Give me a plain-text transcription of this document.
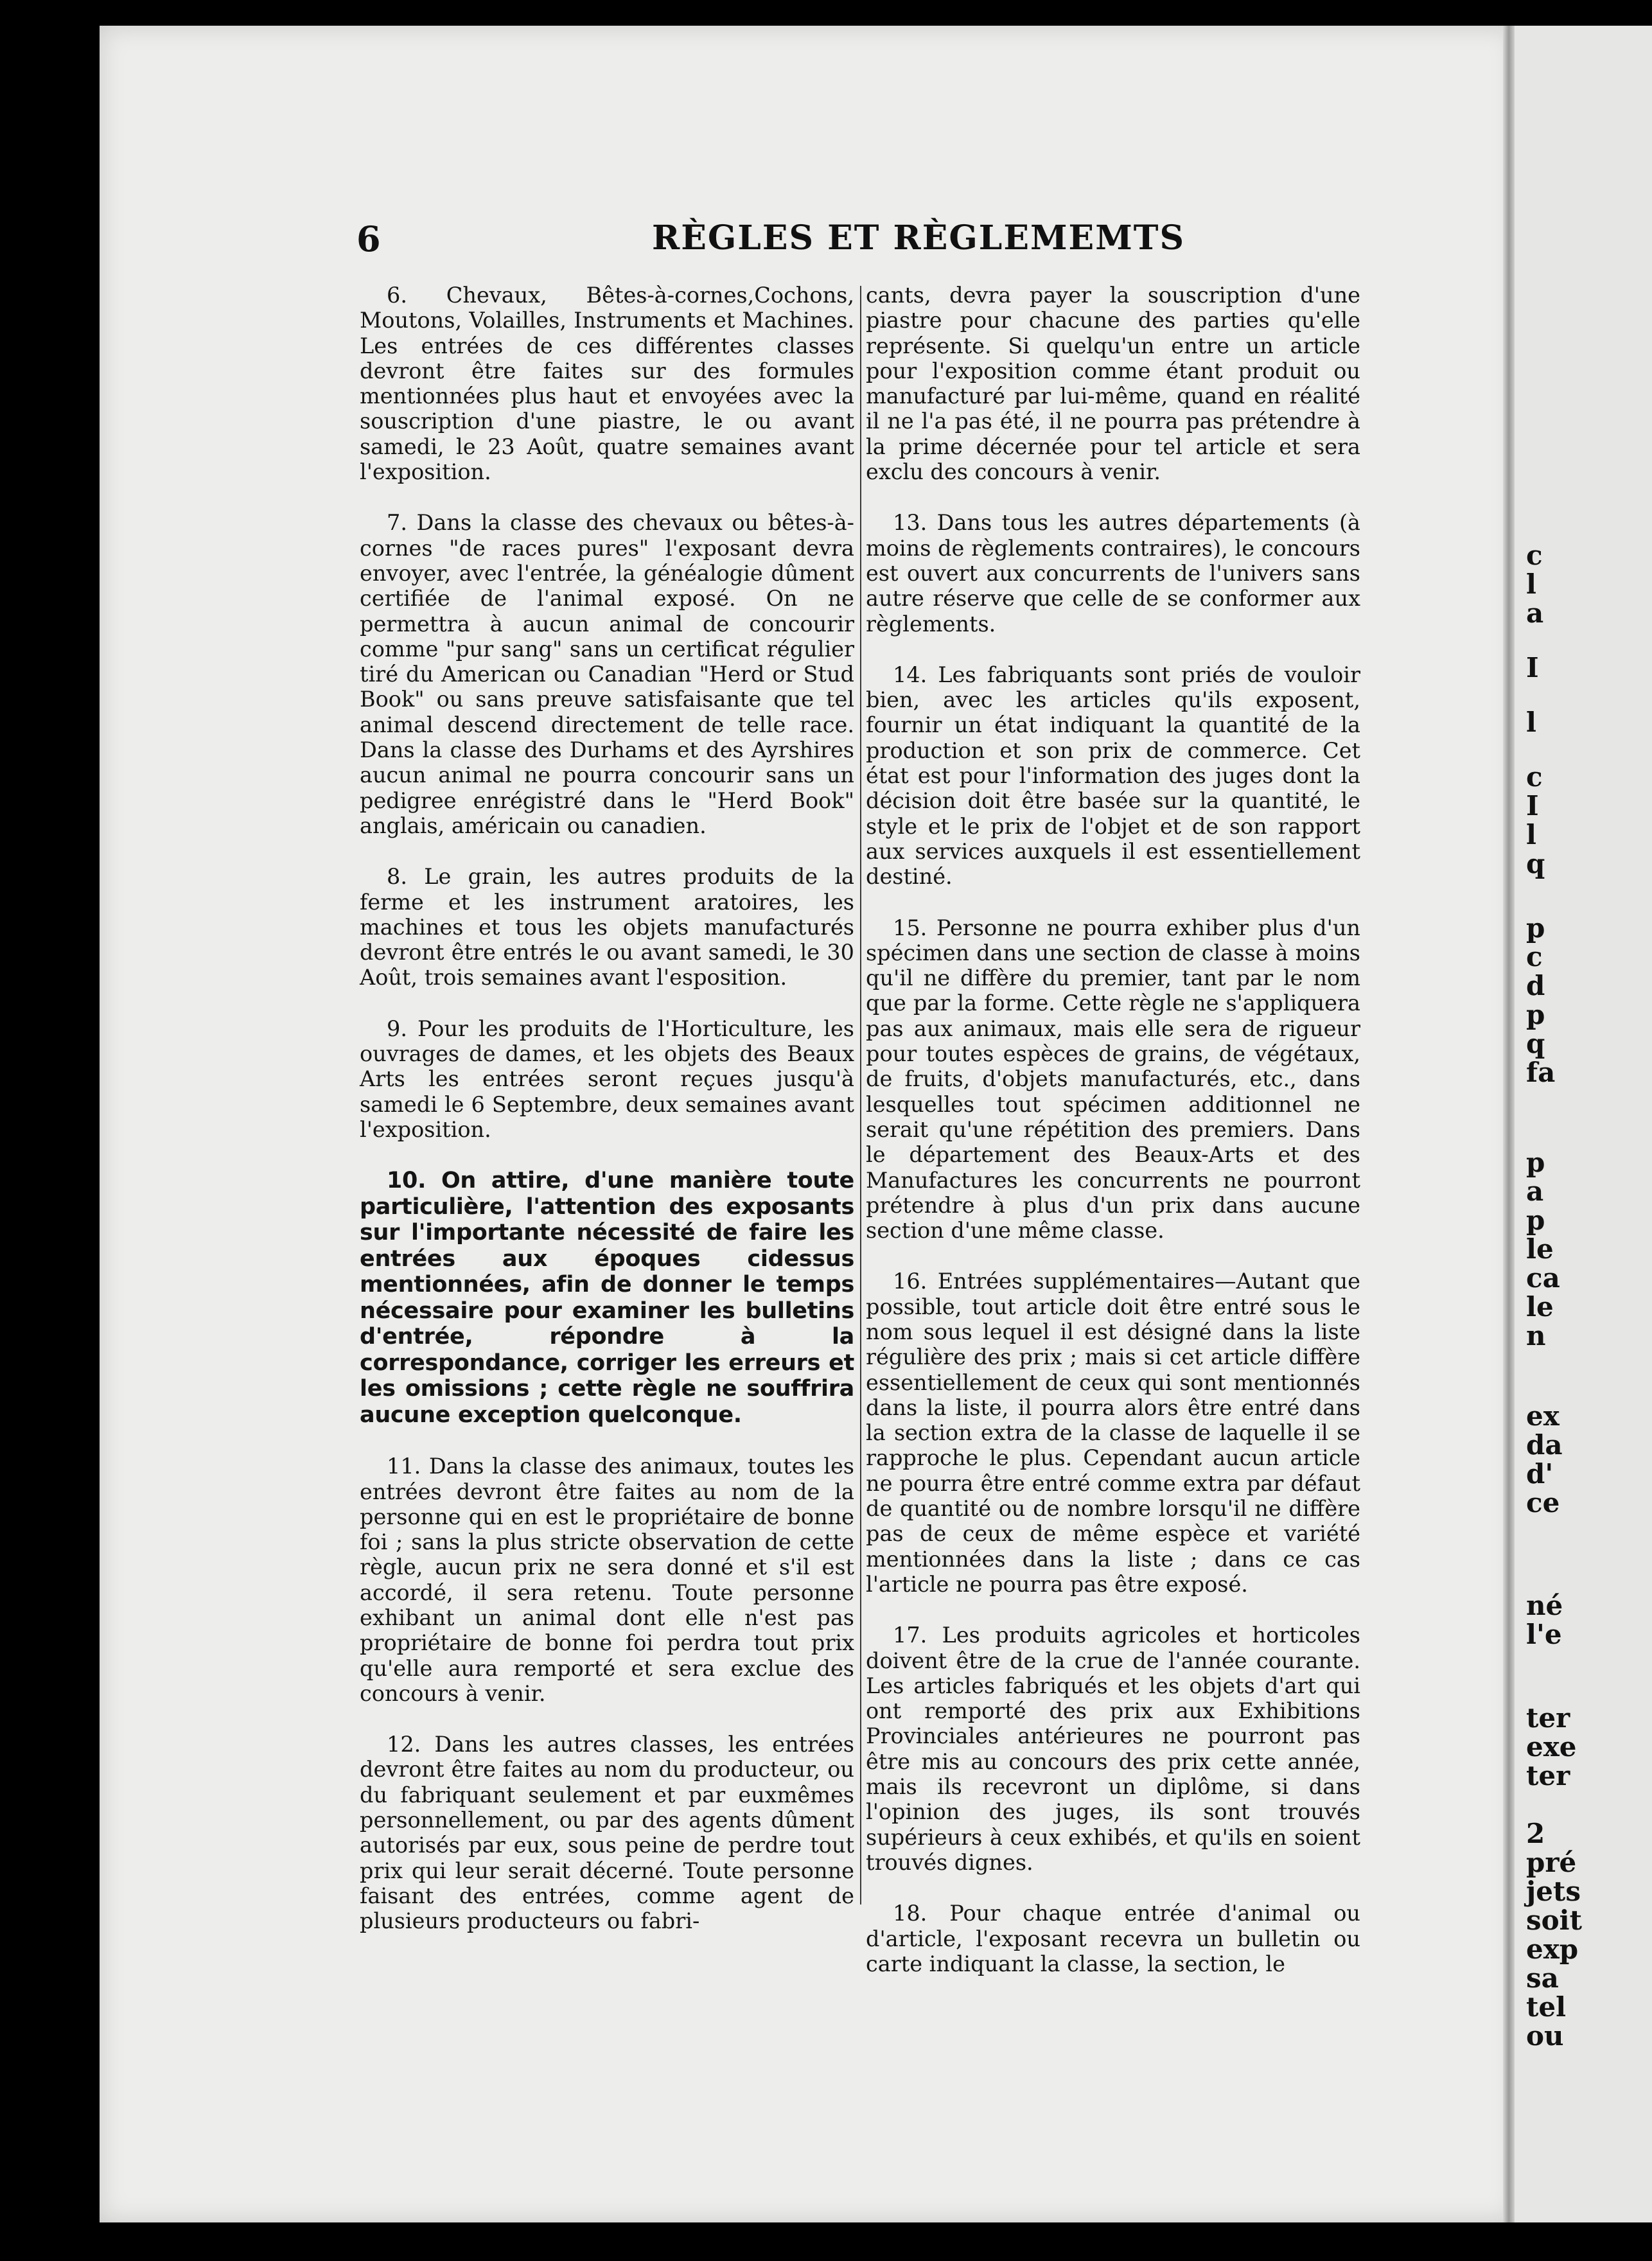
c
l
a
I
l
c
I
l
q
p
c
d
p
q
fa
p
a
p
le
ca
le
n
ex
da
d'
ce
né
l'e
ter
exe
ter
2
pré
jets
soit
exp
sa
tel
ou
6	RÈGLES ET RÈGLEMEMTS

6. Chevaux, Bêtes-à-cornes,Cochons, Moutons, Volailles, Instruments et Machines. Les entrées de ces différentes classes devront être faites sur des formules mentionnées plus haut et envoyées avec la souscription d'une piastre, le ou avant samedi, le 23 Août, quatre semaines avant l'exposition.

7. Dans la classe des chevaux ou bêtes-à-cornes "de races pures" l'exposant devra envoyer, avec l'entrée, la généalogie dûment certifiée de l'animal exposé. On ne permettra à aucun animal de concourir comme "pur sang" sans un certificat régulier tiré du American ou Canadian "Herd or Stud Book" ou sans preuve satisfaisante que tel animal descend directement de telle race. Dans la classe des Durhams et des Ayrshires aucun animal ne pourra concourir sans un pedigree enrégistré dans le "Herd Book" anglais, américain ou canadien.

8. Le grain, les autres produits de la ferme et les instrument aratoires, les machines et tous les objets manufacturés devront être entrés le ou avant samedi, le 30 Août, trois semaines avant l'esposition.

9. Pour les produits de l'Horticulture, les ouvrages de dames, et les objets des Beaux Arts les entrées seront reçues jusqu'à samedi le 6 Septembre, deux semaines avant l'exposition.

10. On attire, d'une manière toute particulière, l'attention des exposants sur l'importante nécessité de faire les entrées aux époques cidessus mentionnées, afin de donner le temps nécessaire pour examiner les bulletins d'entrée, répondre à la correspondance, corriger les erreurs et les omissions ; cette règle ne souffrira aucune exception quelconque.

11. Dans la classe des animaux, toutes les entrées devront être faites au nom de la personne qui en est le propriétaire de bonne foi ; sans la plus stricte observation de cette règle, aucun prix ne sera donné et s'il est accordé, il sera retenu. Toute personne exhibant un animal dont elle n'est pas propriétaire de bonne foi perdra tout prix qu'elle aura remporté et sera exclue des concours à venir.

12. Dans les autres classes, les entrées devront être faites au nom du producteur, ou du fabriquant seulement et par euxmêmes personnellement, ou par des agents dûment autorisés par eux, sous peine de perdre tout prix qui leur serait décerné. Toute personne faisant des entrées, comme agent de plusieurs producteurs ou fabri-

cants, devra payer la souscription d'une piastre pour chacune des parties qu'elle représente. Si quelqu'un entre un article pour l'exposition comme étant produit ou manufacturé par lui-même, quand en réalité il ne l'a pas été, il ne pourra pas prétendre à la prime décernée pour tel article et sera exclu des concours à venir.

13. Dans tous les autres départements (à moins de règlements contraires), le concours est ouvert aux concurrents de l'univers sans autre réserve que celle de se conformer aux règlements.

14. Les fabriquants sont priés de vouloir bien, avec les articles qu'ils exposent, fournir un état indiquant la quantité de la production et son prix de commerce. Cet état est pour l'information des juges dont la décision doit être basée sur la quantité, le style et le prix de l'objet et de son rapport aux services auxquels il est essentiellement destiné.

15. Personne ne pourra exhiber plus d'un spécimen dans une section de classe à moins qu'il ne diffère du premier, tant par le nom que par la forme. Cette règle ne s'appliquera pas aux animaux, mais elle sera de rigueur pour toutes espèces de grains, de végétaux, de fruits, d'objets manufacturés, etc., dans lesquelles tout spécimen additionnel ne serait qu'une répétition des premiers. Dans le département des Beaux-Arts et des Manufactures les concurrents ne pourront prétendre à plus d'un prix dans aucune section d'une même classe.

16. Entrées supplémentaires—Autant que possible, tout article doit être entré sous le nom sous lequel il est désigné dans la liste régulière des prix ; mais si cet article diffère essentiellement de ceux qui sont mentionnés dans la liste, il pourra alors être entré dans la section extra de la classe de laquelle il se rapproche le plus. Cependant aucun article ne pourra être entré comme extra par défaut de quantité ou de nombre lorsqu'il ne diffère pas de ceux de même espèce et variété mentionnées dans la liste ; dans ce cas l'article ne pourra pas être exposé.

17. Les produits agricoles et horticoles doivent être de la crue de l'année courante. Les articles fabriqués et les objets d'art qui ont remporté des prix aux Exhibitions Provinciales antérieures ne pourront pas être mis au concours des prix cette année, mais ils recevront un diplôme, si dans l'opinion des juges, ils sont trouvés supérieurs à ceux exhibés, et qu'ils en soient trouvés dignes.

18. Pour chaque entrée d'animal ou d'article, l'exposant recevra un bulletin ou carte indiquant la classe, la section, le
